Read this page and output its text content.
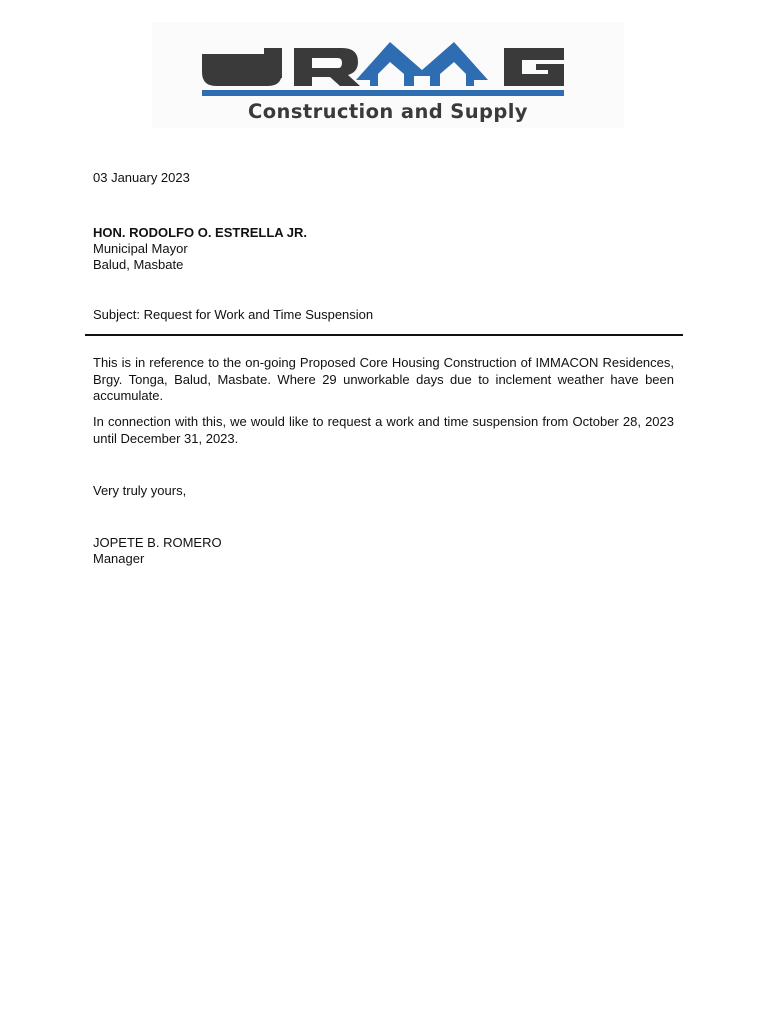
Construction and Supply
03 January 2023
HON. RODOLFO O. ESTRELLA JR.
Municipal Mayor
Balud, Masbate
Subject: Request for Work and Time Suspension
This is in reference to the on-going Proposed Core Housing Construction of IMMACON Residences, Brgy. Tonga, Balud, Masbate. Where 29 unworkable days due to inclement weather have been accumulate.
In connection with this, we would like to request a work and time suspension from October 28, 2023 until December 31, 2023.
Very truly yours,
JOPETE B. ROMERO
Manager
